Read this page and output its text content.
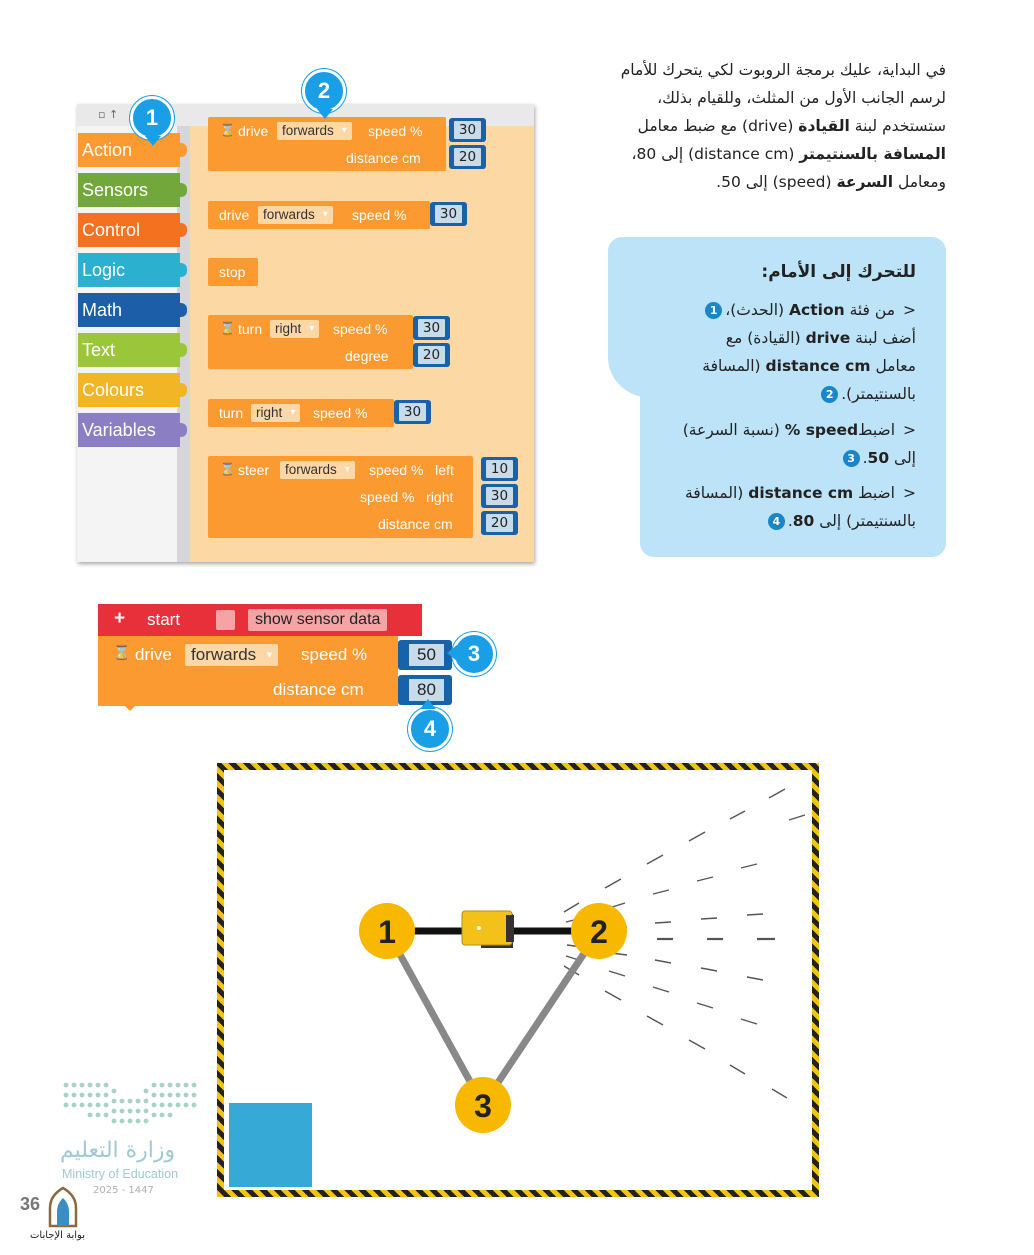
في البداية، عليك برمجة الروبوت لكي يتحرك للأمام
لرسم الجانب الأول من المثلث، وللقيام بذلك،
ستستخدم لبنة القيادة (drive) مع ضبط معامل
المسافة بالسنتيمتر (distance cm) إلى 80،
ومعامل السرعة (speed) إلى 50.
للتحرك إلى الأمام:
<من فئة Action (الحدث)،1
أضف لبنة drive (القيادة) مع
معامل distance cm (المسافة
بالسنتيمتر).2
<اضبطspeed % (نسبة السرعة)
إلى 50.3
<اضبط distance cm (المسافة
بالسنتيمتر) إلى 80.4
▫ ↑
Action
Sensors
Control
Logic
Math
Text
Colours
Variables
⌛ drive	forwards ▾	speed %
distance cm
30
20
drive	forwards ▾	speed %	30
stop
⌛ turn right ▾	speed %
degree
30
20
turn right ▾	speed %	30
⌛ steer	forwards ▾	speed %   left
speed %   right
distance cm
10
30
20
1
2
+ start	show sensor data
⌛ drive	forwards ▾ speed %
distance cm
50
80
3
4
1	2
3
وزارة التعليم
Ministry of Education
2025 - 1447
36
بوابة الإجابات
